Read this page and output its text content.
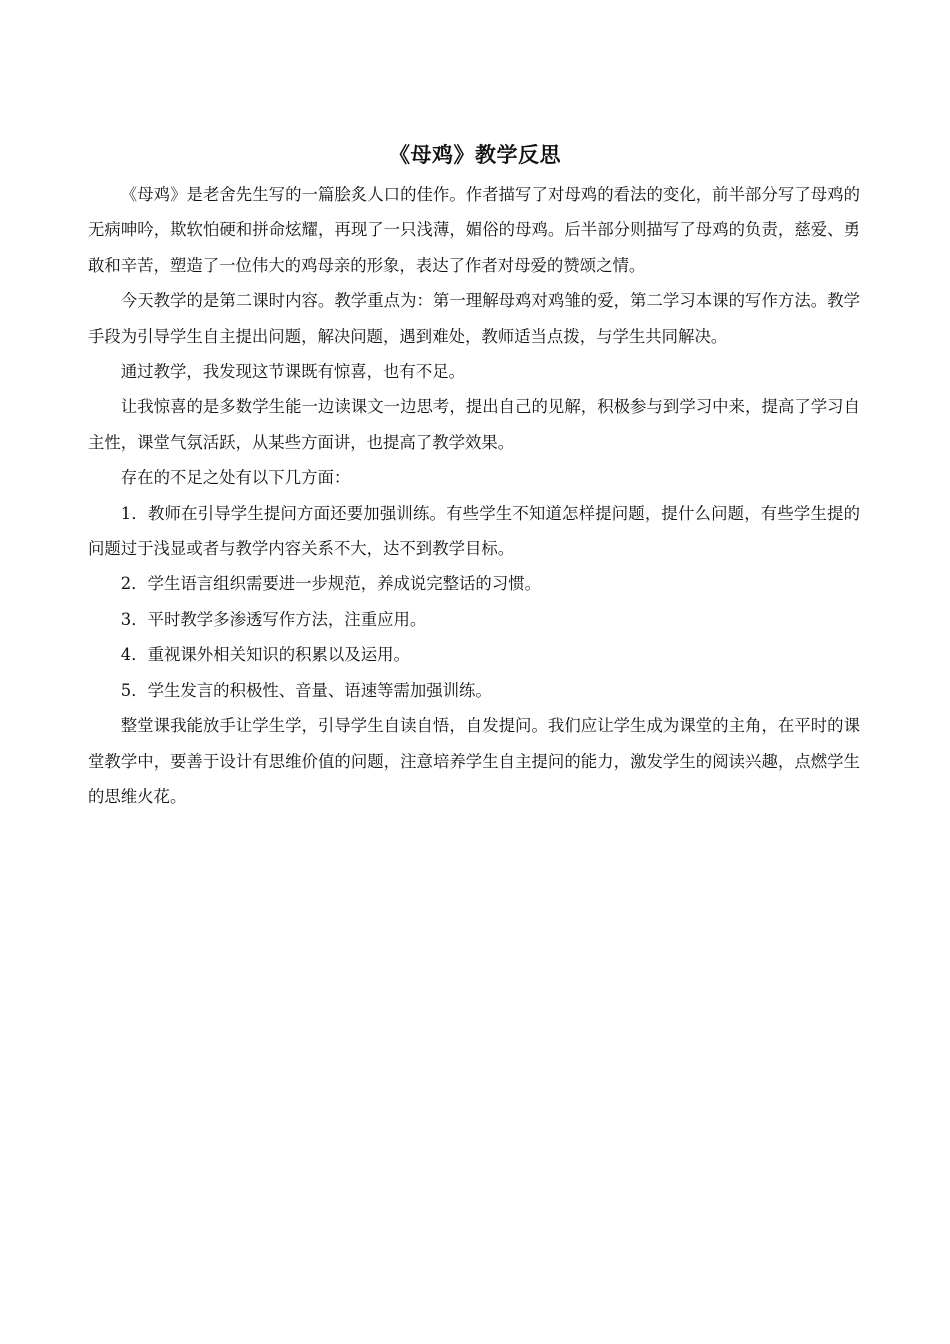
《母鸡》教学反思

《母鸡》是老舍先生写的一篇脍炙人口的佳作。作者描写了对母鸡的看法的变化，前半部分写了母鸡的无病呻吟，欺软怕硬和拼命炫耀，再现了一只浅薄，媚俗的母鸡。后半部分则描写了母鸡的负责，慈爱、勇敢和辛苦，塑造了一位伟大的鸡母亲的形象，表达了作者对母爱的赞颂之情。

今天教学的是第二课时内容。教学重点为：第一理解母鸡对鸡雏的爱，第二学习本课的写作方法。教学手段为引导学生自主提出问题，解决问题，遇到难处，教师适当点拨，与学生共同解决。

通过教学，我发现这节课既有惊喜，也有不足。

让我惊喜的是多数学生能一边读课文一边思考，提出自己的见解，积极参与到学习中来，提高了学习自主性，课堂气氛活跃，从某些方面讲，也提高了教学效果。

存在的不足之处有以下几方面：

1．教师在引导学生提问方面还要加强训练。有些学生不知道怎样提问题，提什么问题，有些学生提的问题过于浅显或者与教学内容关系不大，达不到教学目标。

2．学生语言组织需要进一步规范，养成说完整话的习惯。

3．平时教学多渗透写作方法，注重应用。

4．重视课外相关知识的积累以及运用。

5．学生发言的积极性、音量、语速等需加强训练。

整堂课我能放手让学生学，引导学生自读自悟，自发提问。我们应让学生成为课堂的主角，在平时的课堂教学中，要善于设计有思维价值的问题，注意培养学生自主提问的能力，激发学生的阅读兴趣，点燃学生的思维火花。
